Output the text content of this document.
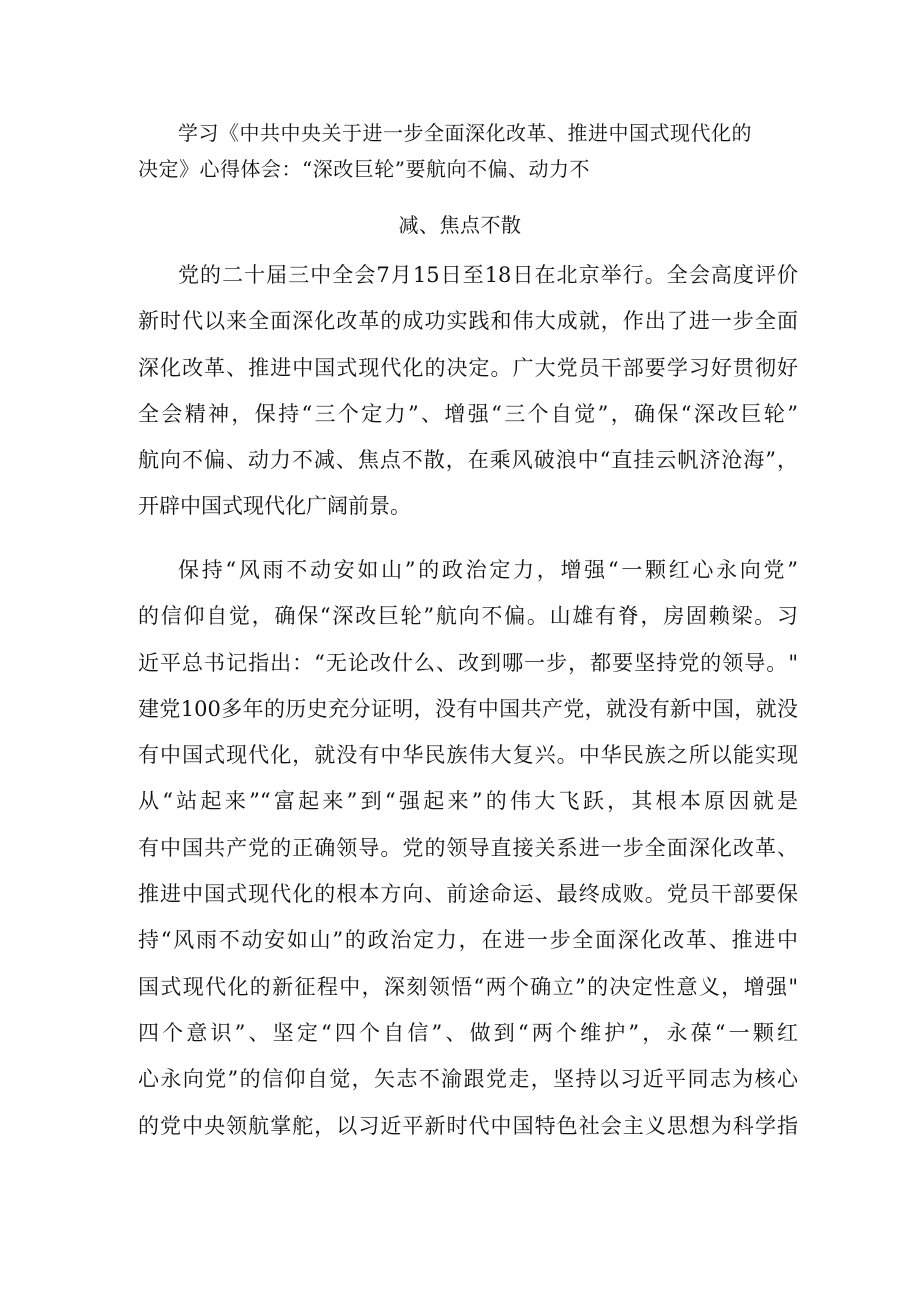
学习《中共中央关于进一步全面深化改革、推进中国式现代化的
决定》心得体会：“深改巨轮”要航向不偏、动力不
减、焦点不散
党的二十届三中全会7月15日至18日在北京举行。全会高度评价
新时代以来全面深化改革的成功实践和伟大成就，作出了进一步全面
深化改革、推进中国式现代化的决定。广大党员干部要学习好贯彻好
全会精神，保持“三个定力”、增强“三个自觉”，确保“深改巨轮”
航向不偏、动力不减、焦点不散，在乘风破浪中“直挂云帆济沧海”，
开辟中国式现代化广阔前景。
保持“风雨不动安如山”的政治定力，增强“一颗红心永向党”
的信仰自觉，确保“深改巨轮”航向不偏。山雄有脊，房固赖梁。习
近平总书记指出：“无论改什么、改到哪一步，都要坚持党的领导。"
建党100多年的历史充分证明，没有中国共产党，就没有新中国，就没
有中国式现代化，就没有中华民族伟大复兴。中华民族之所以能实现
从“站起来”“富起来”到“强起来”的伟大飞跃，其根本原因就是
有中国共产党的正确领导。党的领导直接关系进一步全面深化改革、
推进中国式现代化的根本方向、前途命运、最终成败。党员干部要保
持“风雨不动安如山”的政治定力，在进一步全面深化改革、推进中
国式现代化的新征程中，深刻领悟“两个确立”的决定性意义，增强"
四个意识”、坚定“四个自信”、做到“两个维护”，永葆“一颗红
心永向党”的信仰自觉，矢志不渝跟党走，坚持以习近平同志为核心
的党中央领航掌舵，以习近平新时代中国特色社会主义思想为科学指
